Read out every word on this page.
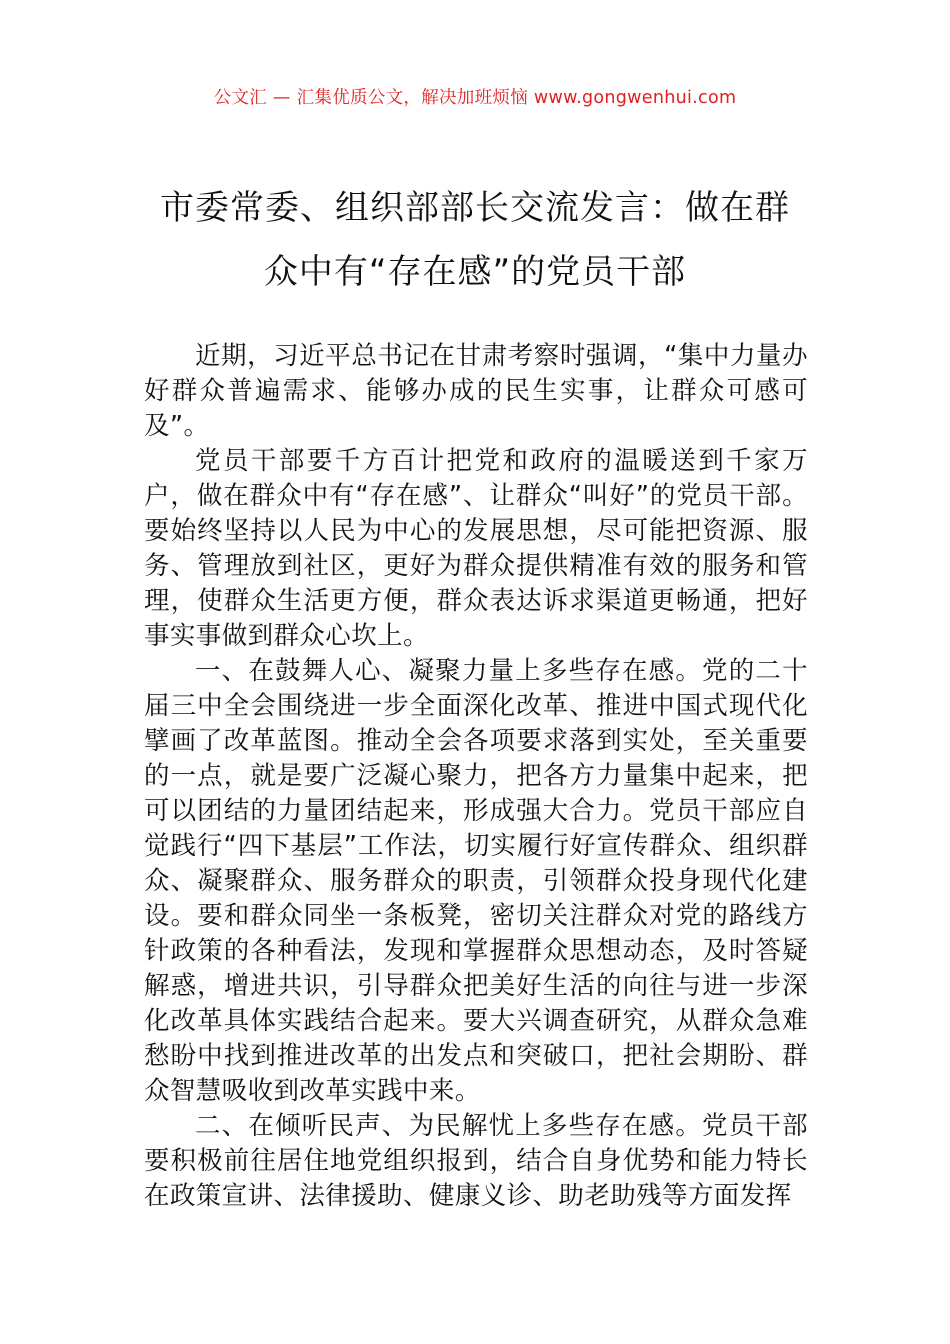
公文汇 — 汇集优质公文，解决加班烦恼 www.gongwenhui.com
市委常委、组织部部长交流发言：做在群
众中有“存在感”的党员干部

近期，习近平总书记在甘肃考察时强调，“集中力量办好群众普遍需求、能够办成的民生实事，让群众可感可及”。

党员干部要千方百计把党和政府的温暖送到千家万户，做在群众中有“存在感”、让群众“叫好”的党员干部。要始终坚持以人民为中心的发展思想，尽可能把资源、服务、管理放到社区，更好为群众提供精准有效的服务和管理，使群众生活更方便，群众表达诉求渠道更畅通，把好事实事做到群众心坎上。

一、在鼓舞人心、凝聚力量上多些存在感。党的二十届三中全会围绕进一步全面深化改革、推进中国式现代化擘画了改革蓝图。推动全会各项要求落到实处，至关重要的一点，就是要广泛凝心聚力，把各方力量集中起来，把可以团结的力量团结起来，形成强大合力。党员干部应自觉践行“四下基层”工作法，切实履行好宣传群众、组织群众、凝聚群众、服务群众的职责，引领群众投身现代化建设。要和群众同坐一条板凳，密切关注群众对党的路线方针政策的各种看法，发现和掌握群众思想动态，及时答疑解惑，增进共识，引导群众把美好生活的向往与进一步深化改革具体实践结合起来。要大兴调查研究，从群众急难愁盼中找到推进改革的出发点和突破口，把社会期盼、群众智慧吸收到改革实践中来。

二、在倾听民声、为民解忧上多些存在感。党员干部要积极前往居住地党组织报到，结合自身优势和能力特长在政策宣讲、法律援助、健康义诊、助老助残等方面发挥
